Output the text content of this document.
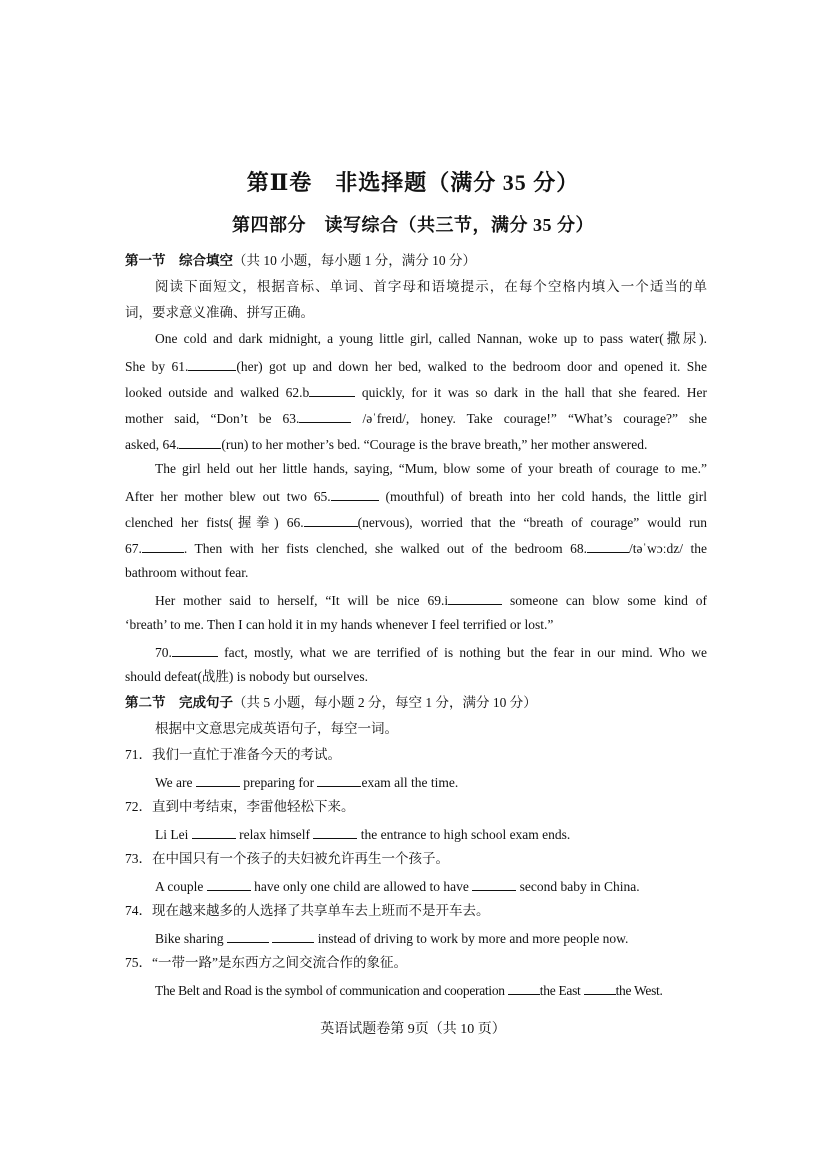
第Ⅱ卷　非选择题（满分 35 分）
第四部分　读写综合（共三节，满分 35 分）
第一节　综合填空（共 10 小题，每小题 1 分，满分 10 分）
阅读下面短文，根据音标、单词、首字母和语境提示，在每个空格内填入一个适当的单
词，要求意义准确、拼写正确。
One cold and dark midnight, a young little girl, called Nannan, woke up to pass water(撒尿).
She by 61.	(her) got up and down her bed, walked to the bedroom door and opened it. She
looked outside and walked 62.b	quickly, for it was so dark in the hall that she feared. Her
mother said, “Don’t be 63.	/əˈfreɪd/, honey. Take courage!” “What’s courage?” she
asked, 64.	(run) to her mother’s bed. “Courage is the brave breath,” her mother answered.
The girl held out her little hands, saying, “Mum, blow some of your breath of courage to me.”
After her mother blew out two 65.	(mouthful) of breath into her cold hands, the little girl
clenched her fists(握拳) 66.	(nervous), worried that the “breath of courage” would run
67.	. Then with her fists clenched, she walked out of the bedroom 68.	/təˈwɔːdz/ the
bathroom without fear.
Her mother said to herself, “It will be nice 69.i	someone can blow some kind of
‘breath’ to me. Then I can hold it in my hands whenever I feel terrified or lost.”
70.	fact, mostly, what we are terrified of is nothing but the fear in our mind. Who we
should defeat(战胜) is nobody but ourselves.
第二节　完成句子（共 5 小题，每小题 2 分，每空 1 分，满分 10 分）
根据中文意思完成英语句子，每空一词。
71．我们一直忙于准备今天的考试。
We are	preparing for	exam all the time.
72．直到中考结束，李雷他轻松下来。
Li Lei	relax himself	the entrance to high school exam ends.
73．在中国只有一个孩子的夫妇被允许再生一个孩子。
A couple	have only one child are allowed to have	second baby in China.
74．现在越来越多的人选择了共享单车去上班而不是开车去。
Bike sharing	instead of driving to work by more and more people now.
75．“一带一路”是东西方之间交流合作的象征。
The Belt and Road is the symbol of communication and cooperation the East the West.
英语试题卷第 9页（共 10 页）
